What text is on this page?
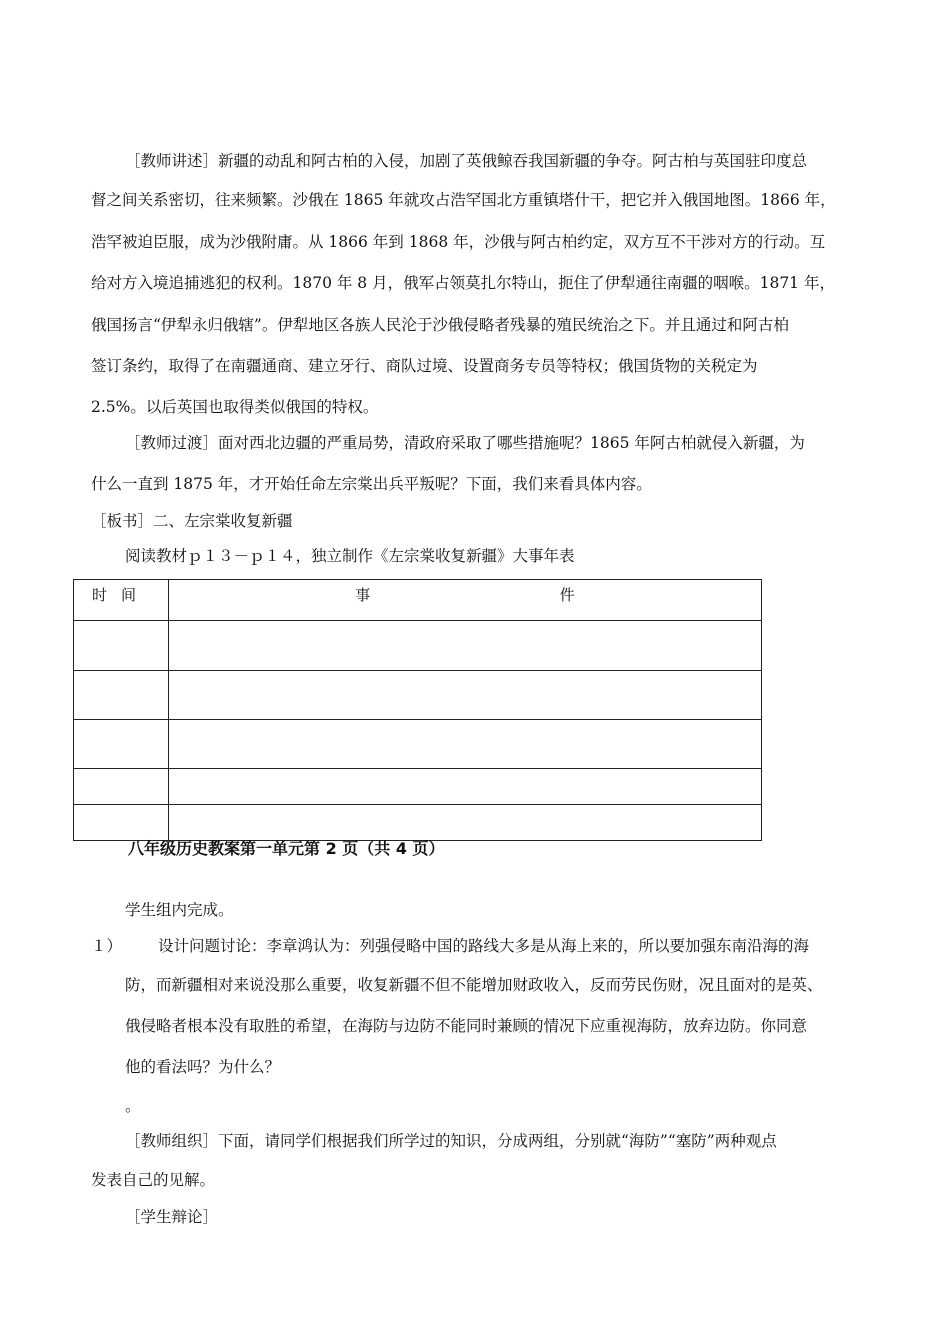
［教师讲述］新疆的动乱和阿古柏的入侵，加剧了英俄鲸吞我国新疆的争夺。阿古柏与英国驻印度总
督之间关系密切，往来频繁。沙俄在 1865 年就攻占浩罕国北方重镇塔什干，把它并入俄国地图。1866 年，
浩罕被迫臣服，成为沙俄附庸。从 1866 年到 1868 年，沙俄与阿古柏约定，双方互不干涉对方的行动。互
给对方入境追捕逃犯的权利。1870 年 8 月，俄军占领莫扎尔特山，扼住了伊犁通往南疆的咽喉。1871 年，
俄国扬言“伊犁永归俄辖”。伊犁地区各族人民沦于沙俄侵略者残暴的殖民统治之下。并且通过和阿古柏
签订条约，取得了在南疆通商、建立牙行、商队过境、设置商务专员等特权；俄国货物的关税定为
2.5%。以后英国也取得类似俄国的特权。
［教师过渡］面对西北边疆的严重局势，清政府采取了哪些措施呢？1865 年阿古柏就侵入新疆，为
什么一直到 1875 年，才开始任命左宗棠出兵平叛呢？下面，我们来看具体内容。
［板书］二、左宗棠收复新疆
阅读教材ｐ１３－ｐ１４，独立制作《左宗棠收复新疆》大事年表
时间	事 件

八年级历史教案第一单元第 2 页（共 4 页）
学生组内完成。
１） 设计问题讨论：李章鸿认为：列强侵略中国的路线大多是从海上来的，所以要加强东南沿海的海
防，而新疆相对来说没那么重要，收复新疆不但不能增加财政收入，反而劳民伤财，况且面对的是英、
俄侵略者根本没有取胜的希望，在海防与边防不能同时兼顾的情况下应重视海防，放弃边防。你同意
他的看法吗？为什么？
。
［教师组织］下面，请同学们根据我们所学过的知识，分成两组，分别就“海防”“塞防”两种观点
发表自己的见解。
［学生辩论］
